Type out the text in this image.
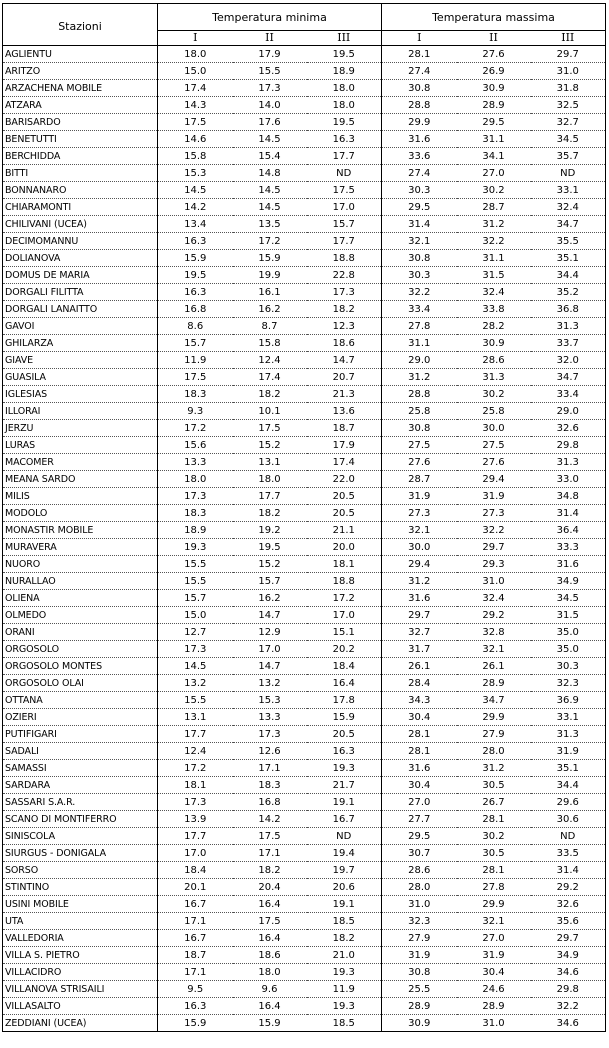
Stazioni	Temperatura minima			Temperatura massima		
	I	II	III	I	II	III
AGLIENTU	18.0	17.9	19.5	28.1	27.6	29.7
ARITZO	15.0	15.5	18.9	27.4	26.9	31.0
ARZACHENA MOBILE	17.4	17.3	18.0	30.8	30.9	31.8
ATZARA	14.3	14.0	18.0	28.8	28.9	32.5
BARISARDO	17.5	17.6	19.5	29.9	29.5	32.7
BENETUTTI	14.6	14.5	16.3	31.6	31.1	34.5
BERCHIDDA	15.8	15.4	17.7	33.6	34.1	35.7
BITTI	15.3	14.8	ND	27.4	27.0	ND
BONNANARO	14.5	14.5	17.5	30.3	30.2	33.1
CHIARAMONTI	14.2	14.5	17.0	29.5	28.7	32.4
CHILIVANI (UCEA)	13.4	13.5	15.7	31.4	31.2	34.7
DECIMOMANNU	16.3	17.2	17.7	32.1	32.2	35.5
DOLIANOVA	15.9	15.9	18.8	30.8	31.1	35.1
DOMUS DE MARIA	19.5	19.9	22.8	30.3	31.5	34.4
DORGALI FILITTA	16.3	16.1	17.3	32.2	32.4	35.2
DORGALI LANAITTO	16.8	16.2	18.2	33.4	33.8	36.8
GAVOI	8.6	8.7	12.3	27.8	28.2	31.3
GHILARZA	15.7	15.8	18.6	31.1	30.9	33.7
GIAVE	11.9	12.4	14.7	29.0	28.6	32.0
GUASILA	17.5	17.4	20.7	31.2	31.3	34.7
IGLESIAS	18.3	18.2	21.3	28.8	30.2	33.4
ILLORAI	9.3	10.1	13.6	25.8	25.8	29.0
JERZU	17.2	17.5	18.7	30.8	30.0	32.6
LURAS	15.6	15.2	17.9	27.5	27.5	29.8
MACOMER	13.3	13.1	17.4	27.6	27.6	31.3
MEANA SARDO	18.0	18.0	22.0	28.7	29.4	33.0
MILIS	17.3	17.7	20.5	31.9	31.9	34.8
MODOLO	18.3	18.2	20.5	27.3	27.3	31.4
MONASTIR MOBILE	18.9	19.2	21.1	32.1	32.2	36.4
MURAVERA	19.3	19.5	20.0	30.0	29.7	33.3
NUORO	15.5	15.2	18.1	29.4	29.3	31.6
NURALLAO	15.5	15.7	18.8	31.2	31.0	34.9
OLIENA	15.7	16.2	17.2	31.6	32.4	34.5
OLMEDO	15.0	14.7	17.0	29.7	29.2	31.5
ORANI	12.7	12.9	15.1	32.7	32.8	35.0
ORGOSOLO	17.3	17.0	20.2	31.7	32.1	35.0
ORGOSOLO MONTES	14.5	14.7	18.4	26.1	26.1	30.3
ORGOSOLO OLAI	13.2	13.2	16.4	28.4	28.9	32.3
OTTANA	15.5	15.3	17.8	34.3	34.7	36.9
OZIERI	13.1	13.3	15.9	30.4	29.9	33.1
PUTIFIGARI	17.7	17.3	20.5	28.1	27.9	31.3
SADALI	12.4	12.6	16.3	28.1	28.0	31.9
SAMASSI	17.2	17.1	19.3	31.6	31.2	35.1
SARDARA	18.1	18.3	21.7	30.4	30.5	34.4
SASSARI S.A.R.	17.3	16.8	19.1	27.0	26.7	29.6
SCANO DI MONTIFERRO	13.9	14.2	16.7	27.7	28.1	30.6
SINISCOLA	17.7	17.5	ND	29.5	30.2	ND
SIURGUS - DONIGALA	17.0	17.1	19.4	30.7	30.5	33.5
SORSO	18.4	18.2	19.7	28.6	28.1	31.4
STINTINO	20.1	20.4	20.6	28.0	27.8	29.2
USINI MOBILE	16.7	16.4	19.1	31.0	29.9	32.6
UTA	17.1	17.5	18.5	32.3	32.1	35.6
VALLEDORIA	16.7	16.4	18.2	27.9	27.0	29.7
VILLA S. PIETRO	18.7	18.6	21.0	31.9	31.9	34.9
VILLACIDRO	17.1	18.0	19.3	30.8	30.4	34.6
VILLANOVA STRISAILI	9.5	9.6	11.9	25.5	24.6	29.8
VILLASALTO	16.3	16.4	19.3	28.9	28.9	32.2
ZEDDIANI (UCEA)	15.9	15.9	18.5	30.9	31.0	34.6
